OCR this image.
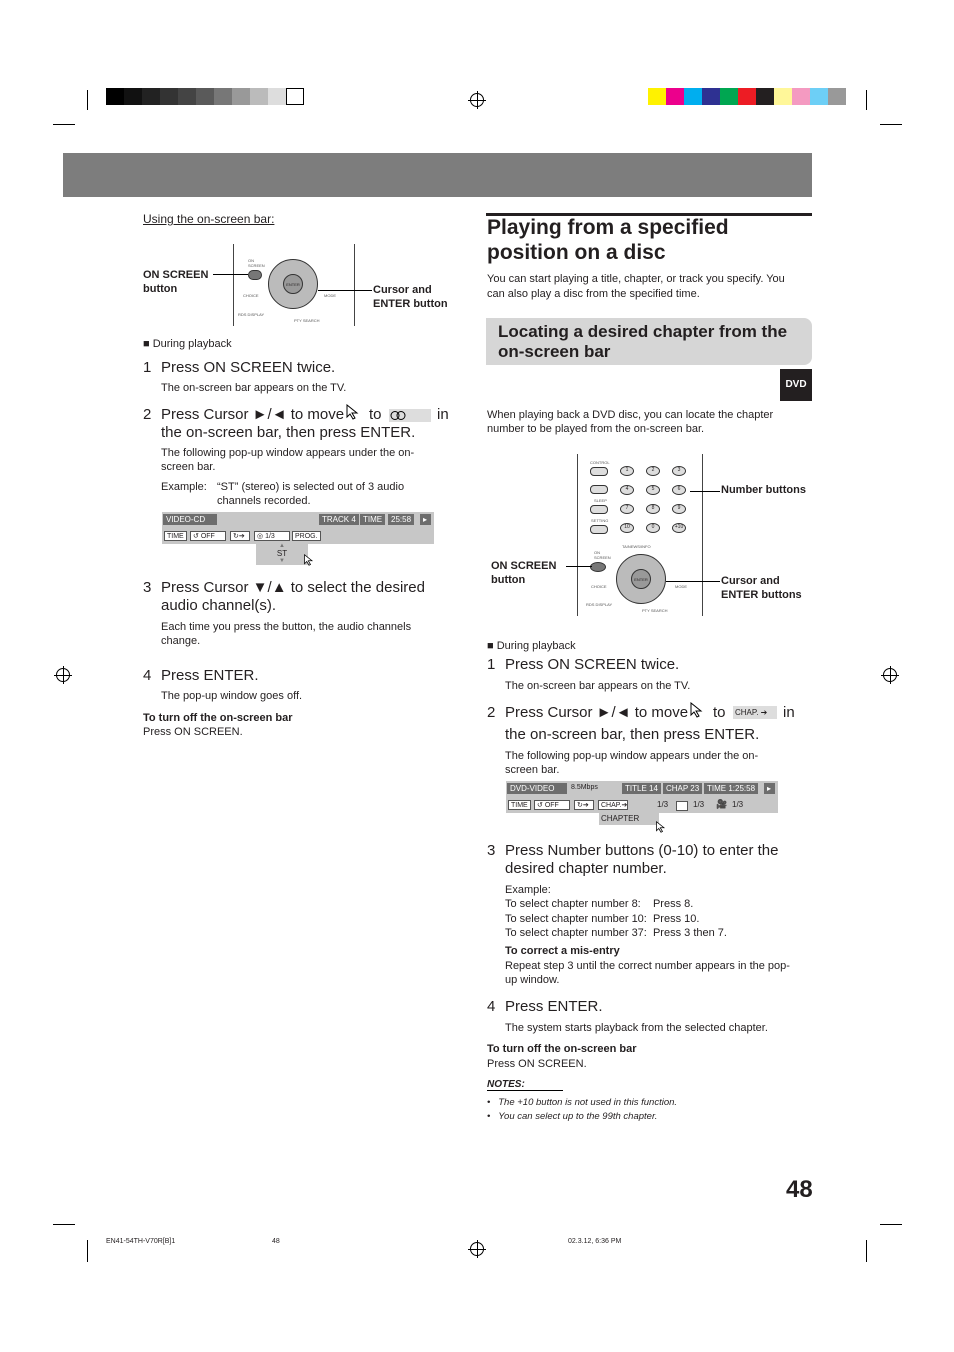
Using the on-screen bar:
ON
SCREEN
ENTER
CHOICE	MODE
RDS DISPLAY
PTY SEARCH
ON SCREEN
button	Cursor and
ENTER button
■ During playback
1 Press ON SCREEN twice.
The on-screen bar appears on the TV.
2 Press Cursor ►/◄ to move to	in
the on-screen bar, then press ENTER.
The following pop-up window appears under the on-screen bar.
Example: “ST” (stereo) is selected out of 3 audio channels recorded.
VIDEO-CD	TRACK 4 TIME	25:58	▸
TIME	↺ OFF	↻➔	◎ 1/3	PROG.
▲
ST
▼
3 Press Cursor ▼/▲ to select the desired audio channel(s).
Each time you press the button, the audio channels change.
4 Press ENTER.
The pop-up window goes off.
To turn off the on-screen bar
Press ON SCREEN.
Playing from a specified position on a disc
You can start playing a title, chapter, or track you specify. You can also play a disc from the specified time.
Locating a desired chapter from the on-screen bar
DVD
When playing back a DVD disc, you can locate the chapter number to be played from the on-screen bar.
CONTROL
SLEEP
SETTING
1	2	3
4	5	6
7	8	9
10	0	+10
TA/NEWS/INFO
ON
SCREEN
ENTER
CHOICE	MODE
RDS DISPLAY
PTY SEARCH
Number buttons
ON SCREEN
button	Cursor and
ENTER buttons
■ During playback
1 Press ON SCREEN twice.
The on-screen bar appears on the TV.
2 Press Cursor ►/◄ to move to CHAP. ➔	in
the on-screen bar, then press ENTER.
The following pop-up window appears under the on-screen bar.
DVD-VIDEO	8.5Mbps	TITLE 14	CHAP 23 TIME 1:25:58	▸
TIME	↺ OFF	↻➔	CHAP.➔	1/3	1/3 🎥 1/3
CHAPTER
3 Press Number buttons (0-10) to enter the desired chapter number.
Example:
To select chapter number 8:    Press 8.
To select chapter number 10:  Press 10.
To select chapter number 37:  Press 3 then 7.
To correct a mis-entry
Repeat step 3 until the correct number appears in the pop-up window.
4 Press ENTER.
The system starts playback from the selected chapter.
To turn off the on-screen bar
Press ON SCREEN.
NOTES:
•   The +10 button is not used in this function.
•   You can select up to the 99th chapter.
48
EN41-54TH-V70R[B]1	48	02.3.12, 6:36 PM
